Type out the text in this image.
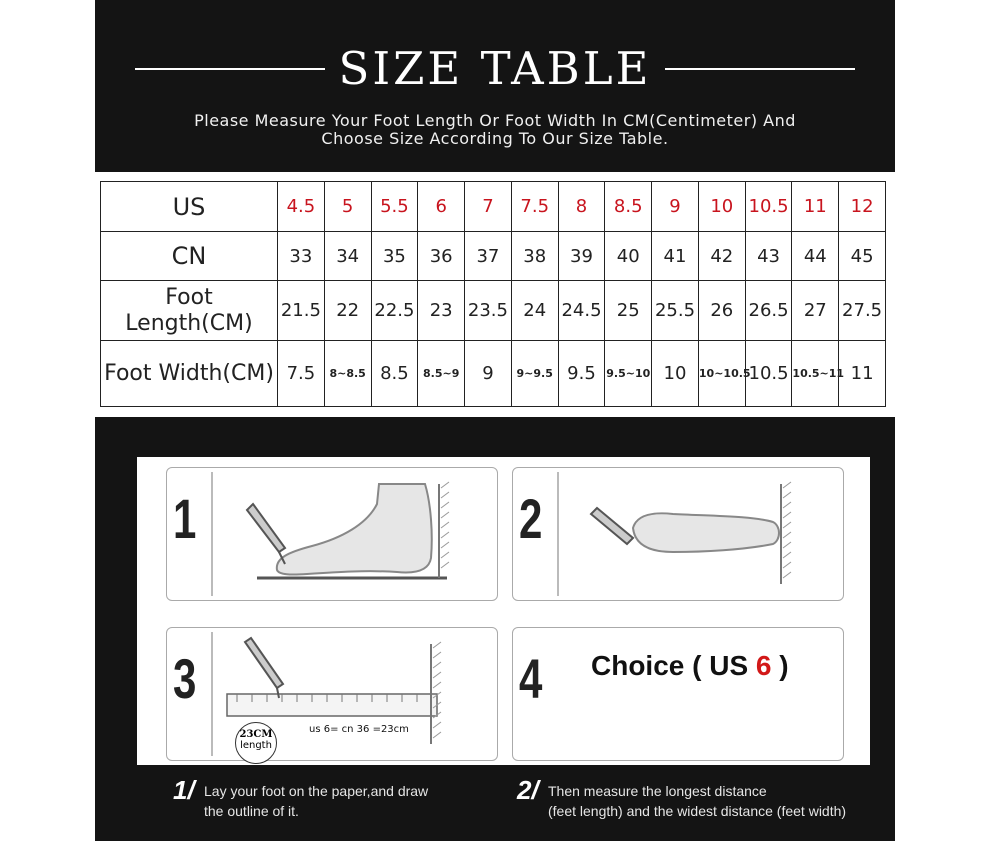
SIZE TABLE
Please Measure Your Foot Length Or Foot Width In CM(Centimeter) And
Choose Size According To Our Size Table.
US	4.5	5	5.5	6	7	7.5	8	8.5	9	10	10.5	11	12
CN	33	34	35	36	37	38	39	40	41	42	43	44	45
Foot Length(CM)	21.5	22	22.5	23	23.5	24	24.5	25	25.5	26	26.5	27	27.5
Foot Width(CM)	7.5	8~8.5	8.5	8.5~9	9	9~9.5	9.5	9.5~10	10	10~10.5	10.5	10.5~11	11
1	2
3
23CM
length
us 6= cn 36 =23cm
4 Choice ( US 6 )
1/ Lay your foot on the paper,and draw
the outline of it.
2/ Then measure the longest distance
(feet length) and the widest distance (feet width)
